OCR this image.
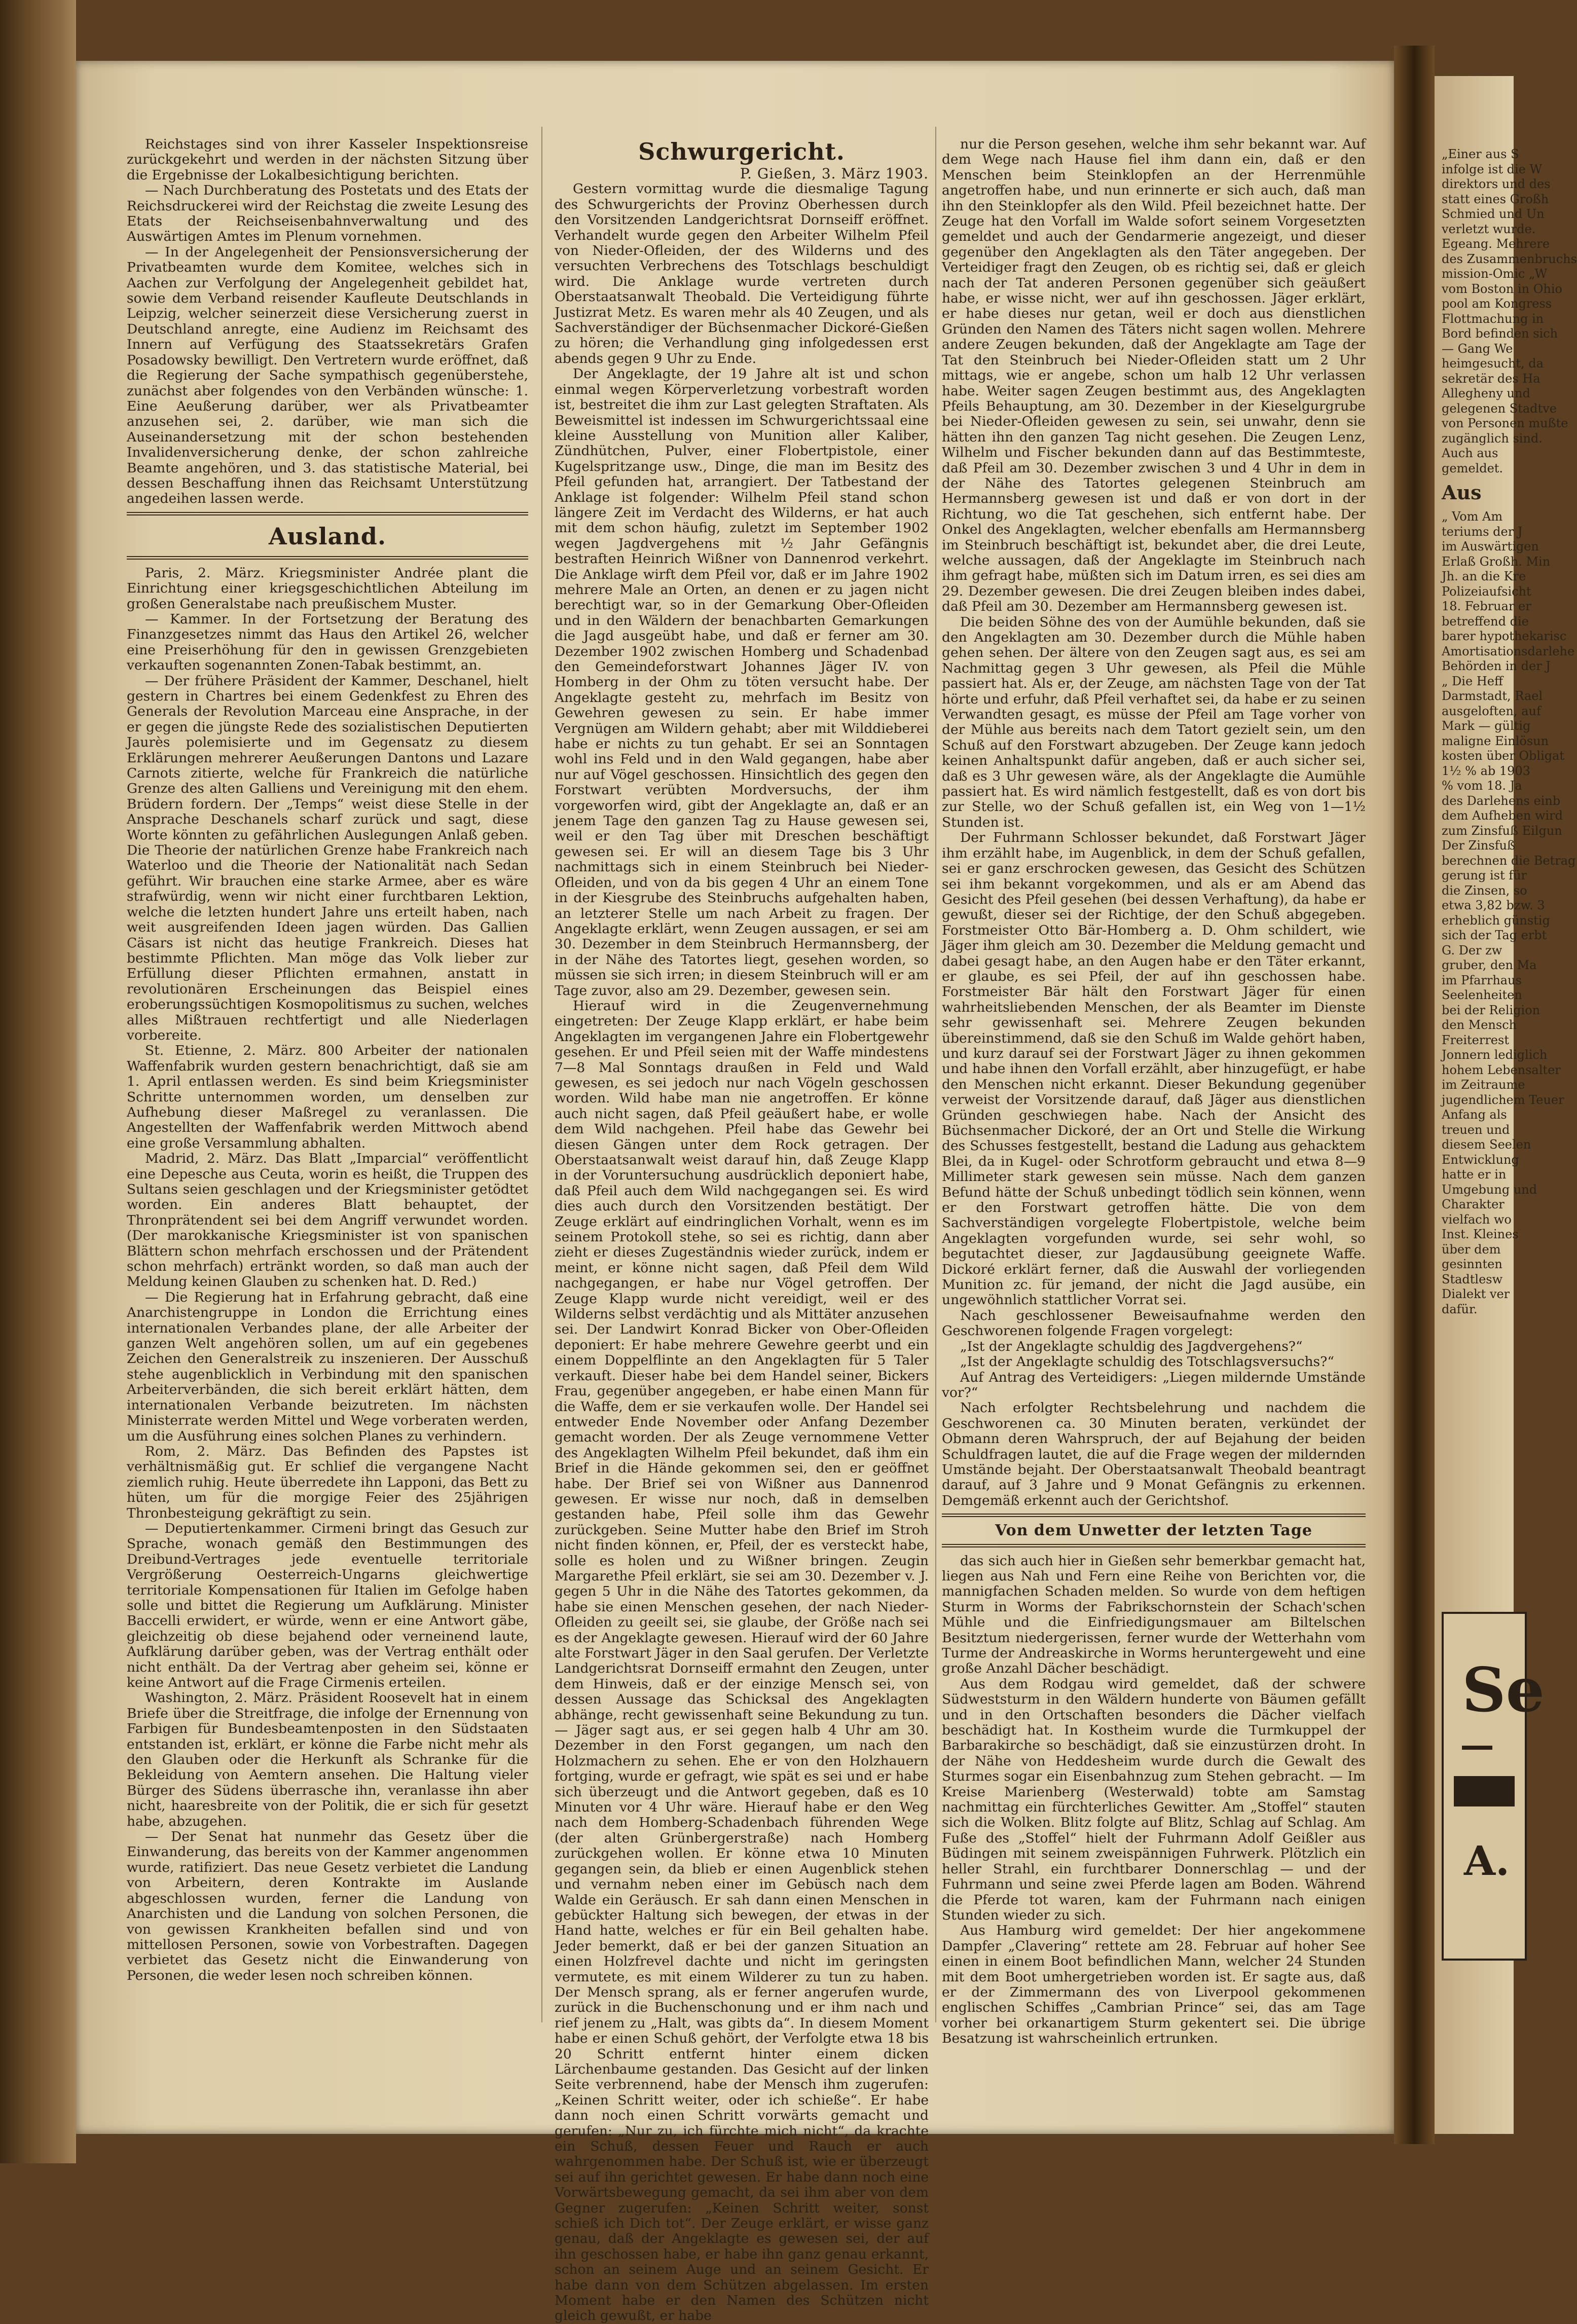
Reichstages sind von ihrer Kasseler Inspektionsreise zurückgekehrt und werden in der nächsten Sitzung über die Ergebnisse der Lokalbesichtigung berichten.

— Nach Durchberatung des Postetats und des Etats der Reichsdruckerei wird der Reichstag die zweite Lesung des Etats der Reichseisenbahnverwaltung und des Auswärtigen Amtes im Plenum vornehmen.

— In der Angelegenheit der Pensionsversicherung der Privatbeamten wurde dem Komitee, welches sich in Aachen zur Verfolgung der Angelegenheit gebildet hat, sowie dem Verband reisender Kaufleute Deutschlands in Leipzig, welcher seinerzeit diese Versicherung zuerst in Deutschland anregte, eine Audienz im Reichsamt des Innern auf Verfügung des Staatssekretärs Grafen Posadowsky bewilligt. Den Vertretern wurde eröffnet, daß die Regierung der Sache sympathisch gegenüberstehe, zunächst aber folgendes von den Verbänden wünsche: 1. Eine Aeußerung darüber, wer als Privatbeamter anzusehen sei, 2. darüber, wie man sich die Auseinandersetzung mit der schon bestehenden Invalidenversicherung denke, der schon zahlreiche Beamte angehören, und 3. das statistische Material, bei dessen Beschaffung ihnen das Reichsamt Unterstützung angedeihen lassen werde.

Ausland.

Paris, 2. März. Kriegsminister Andrée plant die Einrichtung einer kriegsgeschichtlichen Abteilung im großen Generalstabe nach preußischem Muster.

— Kammer. In der Fortsetzung der Beratung des Finanzgesetzes nimmt das Haus den Artikel 26, welcher eine Preiserhöhung für den in gewissen Grenzgebieten verkauften sogenannten Zonen-Tabak bestimmt, an.

— Der frühere Präsident der Kammer, Deschanel, hielt gestern in Chartres bei einem Gedenkfest zu Ehren des Generals der Revolution Marceau eine Ansprache, in der er gegen die jüngste Rede des sozialistischen Deputierten Jaurès polemisierte und im Gegensatz zu diesem Erklärungen mehrerer Aeußerungen Dantons und Lazare Carnots zitierte, welche für Frankreich die natürliche Grenze des alten Galliens und Vereinigung mit den ehem. Brüdern fordern. Der „Temps“ weist diese Stelle in der Ansprache Deschanels scharf zurück und sagt, diese Worte könnten zu gefährlichen Auslegungen Anlaß geben. Die Theorie der natürlichen Grenze habe Frankreich nach Waterloo und die Theorie der Nationalität nach Sedan geführt. Wir brauchen eine starke Armee, aber es wäre strafwürdig, wenn wir nicht einer furchtbaren Lektion, welche die letzten hundert Jahre uns erteilt haben, nach weit ausgreifenden Ideen jagen würden. Das Gallien Cäsars ist nicht das heutige Frankreich. Dieses hat bestimmte Pflichten. Man möge das Volk lieber zur Erfüllung dieser Pflichten ermahnen, anstatt in revolutionären Erscheinungen das Beispiel eines eroberungssüchtigen Kosmopolitismus zu suchen, welches alles Mißtrauen rechtfertigt und alle Niederlagen vorbereite.

St. Etienne, 2. März. 800 Arbeiter der nationalen Waffenfabrik wurden gestern benachrichtigt, daß sie am 1. April entlassen werden. Es sind beim Kriegsminister Schritte unternommen worden, um denselben zur Aufhebung dieser Maßregel zu veranlassen. Die Angestellten der Waffenfabrik werden Mittwoch abend eine große Versammlung abhalten.

Madrid, 2. März. Das Blatt „Imparcial“ veröffentlicht eine Depesche aus Ceuta, worin es heißt, die Truppen des Sultans seien geschlagen und der Kriegsminister getödtet worden. Ein anderes Blatt behauptet, der Thronprätendent sei bei dem Angriff verwundet worden. (Der marokkanische Kriegsminister ist von spanischen Blättern schon mehrfach erschossen und der Prätendent schon mehrfach) ertränkt worden, so daß man auch der Meldung keinen Glauben zu schenken hat. D. Red.)

— Die Regierung hat in Erfahrung gebracht, daß eine Anarchistengruppe in London die Errichtung eines internationalen Verbandes plane, der alle Arbeiter der ganzen Welt angehören sollen, um auf ein gegebenes Zeichen den Generalstreik zu inszenieren. Der Ausschuß stehe augenblicklich in Verbindung mit den spanischen Arbeiterverbänden, die sich bereit erklärt hätten, dem internationalen Verbande beizutreten. Im nächsten Ministerrate werden Mittel und Wege vorberaten werden, um die Ausführung eines solchen Planes zu verhindern.

Rom, 2. März. Das Befinden des Papstes ist verhältnismäßig gut. Er schlief die vergangene Nacht ziemlich ruhig. Heute überredete ihn Lapponi, das Bett zu hüten, um für die morgige Feier des 25jährigen Thronbesteigung gekräftigt zu sein.

— Deputiertenkammer. Cirmeni bringt das Gesuch zur Sprache, wonach gemäß den Bestimmungen des Dreibund-Vertrages jede eventuelle territoriale Vergrößerung Oesterreich-Ungarns gleichwertige territoriale Kompensationen für Italien im Gefolge haben solle und bittet die Regierung um Aufklärung. Minister Baccelli erwidert, er würde, wenn er eine Antwort gäbe, gleichzeitig ob diese bejahend oder verneinend laute, Aufklärung darüber geben, was der Vertrag enthält oder nicht enthält. Da der Vertrag aber geheim sei, könne er keine Antwort auf die Frage Cirmenis erteilen.

Washington, 2. März. Präsident Roosevelt hat in einem Briefe über die Streitfrage, die infolge der Ernennung von Farbigen für Bundesbeamtenposten in den Südstaaten entstanden ist, erklärt, er könne die Farbe nicht mehr als den Glauben oder die Herkunft als Schranke für die Bekleidung von Aemtern ansehen. Die Haltung vieler Bürger des Südens überrasche ihn, veranlasse ihn aber nicht, haaresbreite von der Politik, die er sich für gesetzt habe, abzugehen.

— Der Senat hat nunmehr das Gesetz über die Einwanderung, das bereits von der Kammer angenommen wurde, ratifiziert. Das neue Gesetz verbietet die Landung von Arbeitern, deren Kontrakte im Auslande abgeschlossen wurden, ferner die Landung von Anarchisten und die Landung von solchen Personen, die von gewissen Krankheiten befallen sind und von mittellosen Personen, sowie von Vorbestraften. Dagegen verbietet das Gesetz nicht die Einwanderung von Personen, die weder lesen noch schreiben können.

Schwurgericht.

P. Gießen, 3. März 1903.

Gestern vormittag wurde die diesmalige Tagung des Schwurgerichts der Provinz Oberhessen durch den Vorsitzenden Landgerichtsrat Dornseiff eröffnet. Verhandelt wurde gegen den Arbeiter Wilhelm Pfeil von Nieder-Ofleiden, der des Wilderns und des versuchten Verbrechens des Totschlags beschuldigt wird. Die Anklage wurde vertreten durch Oberstaatsanwalt Theobald. Die Verteidigung führte Justizrat Metz. Es waren mehr als 40 Zeugen, und als Sachverständiger der Büchsenmacher Dickoré-Gießen zu hören; die Verhandlung ging infolgedessen erst abends gegen 9 Uhr zu Ende.

Der Angeklagte, der 19 Jahre alt ist und schon einmal wegen Körperverletzung vorbestraft worden ist, bestreitet die ihm zur Last gelegten Straftaten. Als Beweismittel ist indessen im Schwurgerichtssaal eine kleine Ausstellung von Munition aller Kaliber, Zündhütchen, Pulver, einer Flobertpistole, einer Kugelspritzange usw., Dinge, die man im Besitz des Pfeil gefunden hat, arrangiert. Der Tatbestand der Anklage ist folgender: Wilhelm Pfeil stand schon längere Zeit im Verdacht des Wilderns, er hat auch mit dem schon häufig, zuletzt im September 1902 wegen Jagdvergehens mit ½ Jahr Gefängnis bestraften Heinrich Wißner von Dannenrod verkehrt. Die Anklage wirft dem Pfeil vor, daß er im Jahre 1902 mehrere Male an Orten, an denen er zu jagen nicht berechtigt war, so in der Gemarkung Ober-Ofleiden und in den Wäldern der benachbarten Gemarkungen die Jagd ausgeübt habe, und daß er ferner am 30. Dezember 1902 zwischen Homberg und Schadenbad den Gemeindeforstwart Johannes Jäger IV. von Homberg in der Ohm zu töten versucht habe. Der Angeklagte gesteht zu, mehrfach im Besitz von Gewehren gewesen zu sein. Er habe immer Vergnügen am Wildern gehabt; aber mit Wilddieberei habe er nichts zu tun gehabt. Er sei an Sonntagen wohl ins Feld und in den Wald gegangen, habe aber nur auf Vögel geschossen. Hinsichtlich des gegen den Forstwart verübten Mordversuchs, der ihm vorgeworfen wird, gibt der Angeklagte an, daß er an jenem Tage den ganzen Tag zu Hause gewesen sei, weil er den Tag über mit Dreschen beschäftigt gewesen sei. Er will an diesem Tage bis 3 Uhr nachmittags sich in einem Steinbruch bei Nieder-Ofleiden, und von da bis gegen 4 Uhr an einem Tone in der Kiesgrube des Steinbruchs aufgehalten haben, an letzterer Stelle um nach Arbeit zu fragen. Der Angeklagte erklärt, wenn Zeugen aussagen, er sei am 30. Dezember in dem Steinbruch Hermannsberg, der in der Nähe des Tatortes liegt, gesehen worden, so müssen sie sich irren; in diesem Steinbruch will er am Tage zuvor, also am 29. Dezember, gewesen sein.

Hierauf wird in die Zeugenvernehmung eingetreten: Der Zeuge Klapp erklärt, er habe beim Angeklagten im vergangenen Jahre ein Flobertgewehr gesehen. Er und Pfeil seien mit der Waffe mindestens 7—8 Mal Sonntags draußen in Feld und Wald gewesen, es sei jedoch nur nach Vögeln geschossen worden. Wild habe man nie angetroffen. Er könne auch nicht sagen, daß Pfeil geäußert habe, er wolle dem Wild nachgehen. Pfeil habe das Gewehr bei diesen Gängen unter dem Rock getragen. Der Oberstaatsanwalt weist darauf hin, daß Zeuge Klapp in der Voruntersuchung ausdrücklich deponiert habe, daß Pfeil auch dem Wild nachgegangen sei. Es wird dies auch durch den Vorsitzenden bestätigt. Der Zeuge erklärt auf eindringlichen Vorhalt, wenn es im seinem Protokoll stehe, so sei es richtig, dann aber zieht er dieses Zugeständnis wieder zurück, indem er meint, er könne nicht sagen, daß Pfeil dem Wild nachgegangen, er habe nur Vögel getroffen. Der Zeuge Klapp wurde nicht vereidigt, weil er des Wilderns selbst verdächtig und als Mittäter anzusehen sei. Der Landwirt Konrad Bicker von Ober-Ofleiden deponiert: Er habe mehrere Gewehre geerbt und ein einem Doppelflinte an den Angeklagten für 5 Taler verkauft. Dieser habe bei dem Handel seiner, Bickers Frau, gegenüber angegeben, er habe einen Mann für die Waffe, dem er sie verkaufen wolle. Der Handel sei entweder Ende November oder Anfang Dezember gemacht worden. Der als Zeuge vernommene Vetter des Angeklagten Wilhelm Pfeil bekundet, daß ihm ein Brief in die Hände gekommen sei, den er geöffnet habe. Der Brief sei von Wißner aus Dannenrod gewesen. Er wisse nur noch, daß in demselben gestanden habe, Pfeil solle ihm das Gewehr zurückgeben. Seine Mutter habe den Brief im Stroh nicht finden können, er, Pfeil, der es versteckt habe, solle es holen und zu Wißner bringen. Zeugin Margarethe Pfeil erklärt, sie sei am 30. Dezember v. J. gegen 5 Uhr in die Nähe des Tatortes gekommen, da habe sie einen Menschen gesehen, der nach Nieder-Ofleiden zu geeilt sei, sie glaube, der Größe nach sei es der Angeklagte gewesen. Hierauf wird der 60 Jahre alte Forstwart Jäger in den Saal gerufen. Der Verletzte Landgerichtsrat Dornseiff ermahnt den Zeugen, unter dem Hinweis, daß er der einzige Mensch sei, von dessen Aussage das Schicksal des Angeklagten abhänge, recht gewissenhaft seine Bekundung zu tun. — Jäger sagt aus, er sei gegen halb 4 Uhr am 30. Dezember in den Forst gegangen, um nach den Holzmachern zu sehen. Ehe er von den Holzhauern fortging, wurde er gefragt, wie spät es sei und er habe sich überzeugt und die Antwort gegeben, daß es 10 Minuten vor 4 Uhr wäre. Hierauf habe er den Weg nach dem Homberg-Schadenbach führenden Wege (der alten Grünbergerstraße) nach Homberg zurückgehen wollen. Er könne etwa 10 Minuten gegangen sein, da blieb er einen Augenblick stehen und vernahm neben einer im Gebüsch nach dem Walde ein Geräusch. Er sah dann einen Menschen in gebückter Haltung sich bewegen, der etwas in der Hand hatte, welches er für ein Beil gehalten habe. Jeder bemerkt, daß er bei der ganzen Situation an einen Holzfrevel dachte und nicht im geringsten vermutete, es mit einem Wilderer zu tun zu haben. Der Mensch sprang, als er ferner angerufen wurde, zurück in die Buchenschonung und er ihm nach und rief jenem zu „Halt, was gibts da“. In diesem Moment habe er einen Schuß gehört, der Verfolgte etwa 18 bis 20 Schritt entfernt hinter einem dicken Lärchenbaume gestanden. Das Gesicht auf der linken Seite verbrennend, habe der Mensch ihm zugerufen: „Keinen Schritt weiter, oder ich schieße“. Er habe dann noch einen Schritt vorwärts gemacht und gerufen: „Nur zu, ich fürchte mich nicht“, da krachte ein Schuß, dessen Feuer und Rauch er auch wahrgenommen habe. Der Schuß ist, wie er überzeugt sei auf ihn gerichtet gewesen. Er habe dann noch eine Vorwärtsbewegung gemacht, da sei ihm aber von dem Gegner zugerufen: „Keinen Schritt weiter, sonst schieß ich Dich tot“. Der Zeuge erklärt, er wisse ganz genau, daß der Angeklagte es gewesen sei, der auf ihn geschossen habe, er habe ihn ganz genau erkannt, schon an seinem Auge und an seinem Gesicht. Er habe dann von dem Schützen abgelassen. Im ersten Moment habe er den Namen des Schützen nicht gleich gewußt, er habe

nur die Person gesehen, welche ihm sehr bekannt war. Auf dem Wege nach Hause fiel ihm dann ein, daß er den Menschen beim Steinklopfen an der Herrenmühle angetroffen habe, und nun erinnerte er sich auch, daß man ihn den Steinklopfer als den Wild. Pfeil bezeichnet hatte. Der Zeuge hat den Vorfall im Walde sofort seinem Vorgesetzten gemeldet und auch der Gendarmerie angezeigt, und dieser gegenüber den Angeklagten als den Täter angegeben. Der Verteidiger fragt den Zeugen, ob es richtig sei, daß er gleich nach der Tat anderen Personen gegenüber sich geäußert habe, er wisse nicht, wer auf ihn geschossen. Jäger erklärt, er habe dieses nur getan, weil er doch aus dienstlichen Gründen den Namen des Täters nicht sagen wollen. Mehrere andere Zeugen bekunden, daß der Angeklagte am Tage der Tat den Steinbruch bei Nieder-Ofleiden statt um 2 Uhr mittags, wie er angebe, schon um halb 12 Uhr verlassen habe. Weiter sagen Zeugen bestimmt aus, des Angeklagten Pfeils Behauptung, am 30. Dezember in der Kieselgurgrube bei Nieder-Ofleiden gewesen zu sein, sei unwahr, denn sie hätten ihn den ganzen Tag nicht gesehen. Die Zeugen Lenz, Wilhelm und Fischer bekunden dann auf das Bestimmteste, daß Pfeil am 30. Dezember zwischen 3 und 4 Uhr in dem in der Nähe des Tatortes gelegenen Steinbruch am Hermannsberg gewesen ist und daß er von dort in der Richtung, wo die Tat geschehen, sich entfernt habe. Der Onkel des Angeklagten, welcher ebenfalls am Hermannsberg im Steinbruch beschäftigt ist, bekundet aber, die drei Leute, welche aussagen, daß der Angeklagte im Steinbruch nach ihm gefragt habe, müßten sich im Datum irren, es sei dies am 29. Dezember gewesen. Die drei Zeugen bleiben indes dabei, daß Pfeil am 30. Dezember am Hermannsberg gewesen ist.

Die beiden Söhne des von der Aumühle bekunden, daß sie den Angeklagten am 30. Dezember durch die Mühle haben gehen sehen. Der ältere von den Zeugen sagt aus, es sei am Nachmittag gegen 3 Uhr gewesen, als Pfeil die Mühle passiert hat. Als er, der Zeuge, am nächsten Tage von der Tat hörte und erfuhr, daß Pfeil verhaftet sei, da habe er zu seinen Verwandten gesagt, es müsse der Pfeil am Tage vorher von der Mühle aus bereits nach dem Tatort gezielt sein, um den Schuß auf den Forstwart abzugeben. Der Zeuge kann jedoch keinen Anhaltspunkt dafür angeben, daß er auch sicher sei, daß es 3 Uhr gewesen wäre, als der Angeklagte die Aumühle passiert hat. Es wird nämlich festgestellt, daß es von dort bis zur Stelle, wo der Schuß gefallen ist, ein Weg von 1—1½ Stunden ist.

Der Fuhrmann Schlosser bekundet, daß Forstwart Jäger ihm erzählt habe, im Augenblick, in dem der Schuß gefallen, sei er ganz erschrocken gewesen, das Gesicht des Schützen sei ihm bekannt vorgekommen, und als er am Abend das Gesicht des Pfeil gesehen (bei dessen Verhaftung), da habe er gewußt, dieser sei der Richtige, der den Schuß abgegeben. Forstmeister Otto Bär-Homberg a. D. Ohm schildert, wie Jäger ihm gleich am 30. Dezember die Meldung gemacht und dabei gesagt habe, an den Augen habe er den Täter erkannt, er glaube, es sei Pfeil, der auf ihn geschossen habe. Forstmeister Bär hält den Forstwart Jäger für einen wahrheitsliebenden Menschen, der als Beamter im Dienste sehr gewissenhaft sei. Mehrere Zeugen bekunden übereinstimmend, daß sie den Schuß im Walde gehört haben, und kurz darauf sei der Forstwart Jäger zu ihnen gekommen und habe ihnen den Vorfall erzählt, aber hinzugefügt, er habe den Menschen nicht erkannt. Dieser Bekundung gegenüber verweist der Vorsitzende darauf, daß Jäger aus dienstlichen Gründen geschwiegen habe. Nach der Ansicht des Büchsenmacher Dickoré, der an Ort und Stelle die Wirkung des Schusses festgestellt, bestand die Ladung aus gehacktem Blei, da in Kugel- oder Schrotform gebraucht und etwa 8—9 Millimeter stark gewesen sein müsse. Nach dem ganzen Befund hätte der Schuß unbedingt tödlich sein können, wenn er den Forstwart getroffen hätte. Die von dem Sachverständigen vorgelegte Flobertpistole, welche beim Angeklagten vorgefunden wurde, sei sehr wohl, so begutachtet dieser, zur Jagdausübung geeignete Waffe. Dickoré erklärt ferner, daß die Auswahl der vorliegenden Munition zc. für jemand, der nicht die Jagd ausübe, ein ungewöhnlich stattlicher Vorrat sei.

Nach geschlossener Beweisaufnahme werden den Geschworenen folgende Fragen vorgelegt:

„Ist der Angeklagte schuldig des Jagdvergehens?“

„Ist der Angeklagte schuldig des Totschlagsversuchs?“

Auf Antrag des Verteidigers: „Liegen mildernde Umstände vor?“

Nach erfolgter Rechtsbelehrung und nachdem die Geschworenen ca. 30 Minuten beraten, verkündet der Obmann deren Wahrspruch, der auf Bejahung der beiden Schuldfragen lautet, die auf die Frage wegen der mildernden Umstände bejaht. Der Oberstaatsanwalt Theobald beantragt darauf, auf 3 Jahre und 9 Monat Gefängnis zu erkennen. Demgemäß erkennt auch der Gerichtshof.

Von dem Unwetter der letzten Tage

das sich auch hier in Gießen sehr bemerkbar gemacht hat, liegen aus Nah und Fern eine Reihe von Berichten vor, die mannigfachen Schaden melden. So wurde von dem heftigen Sturm in Worms der Fabrikschornstein der Schach'schen Mühle und die Einfriedigungsmauer am Biltelschen Besitztum niedergerissen, ferner wurde der Wetterhahn vom Turme der Andreaskirche in Worms heruntergeweht und eine große Anzahl Dächer beschädigt.

Aus dem Rodgau wird gemeldet, daß der schwere Südweststurm in den Wäldern hunderte von Bäumen gefällt und in den Ortschaften besonders die Dächer vielfach beschädigt hat. In Kostheim wurde die Turmkuppel der Barbarakirche so beschädigt, daß sie einzustürzen droht. In der Nähe von Heddesheim wurde durch die Gewalt des Sturmes sogar ein Eisenbahnzug zum Stehen gebracht. — Im Kreise Marienberg (Westerwald) tobte am Samstag nachmittag ein fürchterliches Gewitter. Am „Stoffel“ stauten sich die Wolken. Blitz folgte auf Blitz, Schlag auf Schlag. Am Fuße des „Stoffel“ hielt der Fuhrmann Adolf Geißler aus Büdingen mit seinem zweispännigen Fuhrwerk. Plötzlich ein heller Strahl, ein furchtbarer Donnerschlag — und der Fuhrmann und seine zwei Pferde lagen am Boden. Während die Pferde tot waren, kam der Fuhrmann nach einigen Stunden wieder zu sich.

Aus Hamburg wird gemeldet: Der hier angekommene Dampfer „Clavering“ rettete am 28. Februar auf hoher See einen in einem Boot befindlichen Mann, welcher 24 Stunden mit dem Boot umhergetrieben worden ist. Er sagte aus, daß er der Zimmermann des von Liverpool gekommenen englischen Schiffes „Cambrian Prince“ sei, das am Tage vorher bei orkanartigem Sturm gekentert sei. Die übrige Besatzung ist wahrscheinlich ertrunken.

„Einer aus S
infolge ist die W
direktors und des
statt eines Großh
Schmied und Un
verletzt wurde.
Egeang. Mehrere
des Zusammenbruchs
mission-Omic „W
vom Boston in Ohio
pool am Kongress
Flottmachung in
Bord befinden sich
— Gang We
heimgesucht, da
sekretär des Ha
Allegheny und
gelegenen Stadtve
von Personen mußte
zugänglich sind.
Auch aus
gemeldet.
Aus
„ Vom Am
teriums der J
im Auswärtigen
Erlaß Großh. Min
Jh. an die Kre
Polizeiaufsicht
18. Februar er
betreffend die
barer hypothekarisc
Amortisationsdarlehe
Behörden in der J
„ Die Heff
Darmstadt, Rael
ausgeloften, auf
Mark — gültig
maligne Einlösun
kosten über Obligat
1½ % ab 1903
% vom 18. Ja
des Darlehens einb
dem Aufheben wird
zum Zinsfuß Eilgun
Der Zinsfuß
berechnen die Betrag
gerung ist für
die Zinsen, so
etwa 3,82 bzw. 3
erheblich günstig
sich der Tag erbt
G. Der zw
gruber, den Ma
im Pfarrhaus
Seelenheiten
bei der Religion
den Mensch
Freiterrest
Jonnern lediglich
hohem Lebensalter
im Zeitraume
jugendlichem Teuer
Anfang als
treuen und
diesem Seelen
Entwicklung
hatte er in
Umgebung und
Charakter
vielfach wo
Inst. Kleines
über dem
gesinnten
Stadtlesw
Dialekt ver
dafür.
Se
A.
